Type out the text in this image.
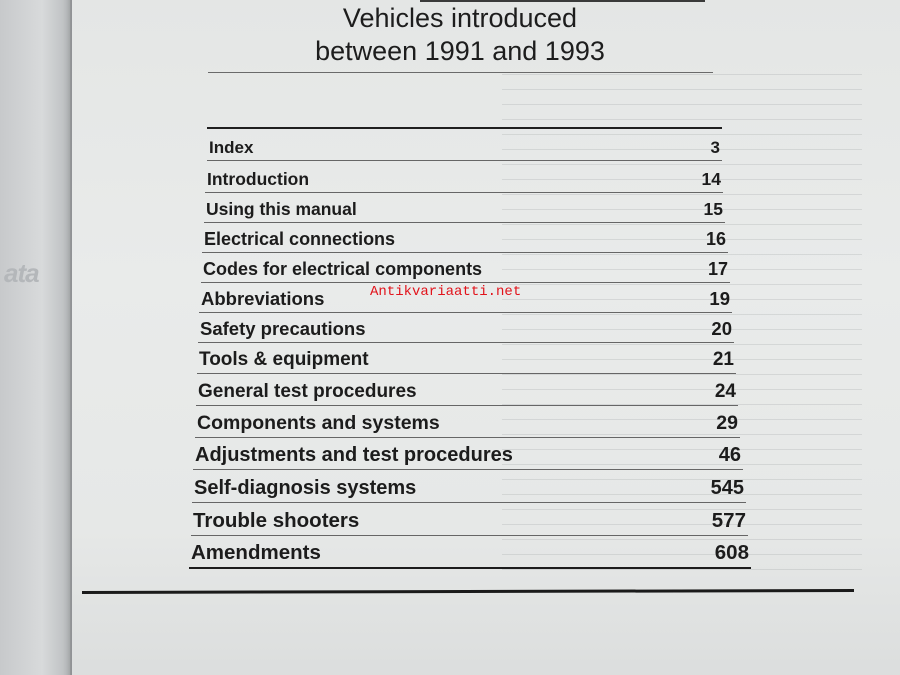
ata
Vehicles introduced
between 1991 and 1993
Index	3
Introduction	14
Using this manual	15
Electrical connections	16
Codes for electrical components	17
Abbreviations	19
Safety precautions	20
Tools & equipment	21
General test procedures	24
Components and systems	29
Adjustments and test procedures	46
Self-diagnosis systems	545
Trouble shooters	577
Amendments	608
Antikvariaatti.net
